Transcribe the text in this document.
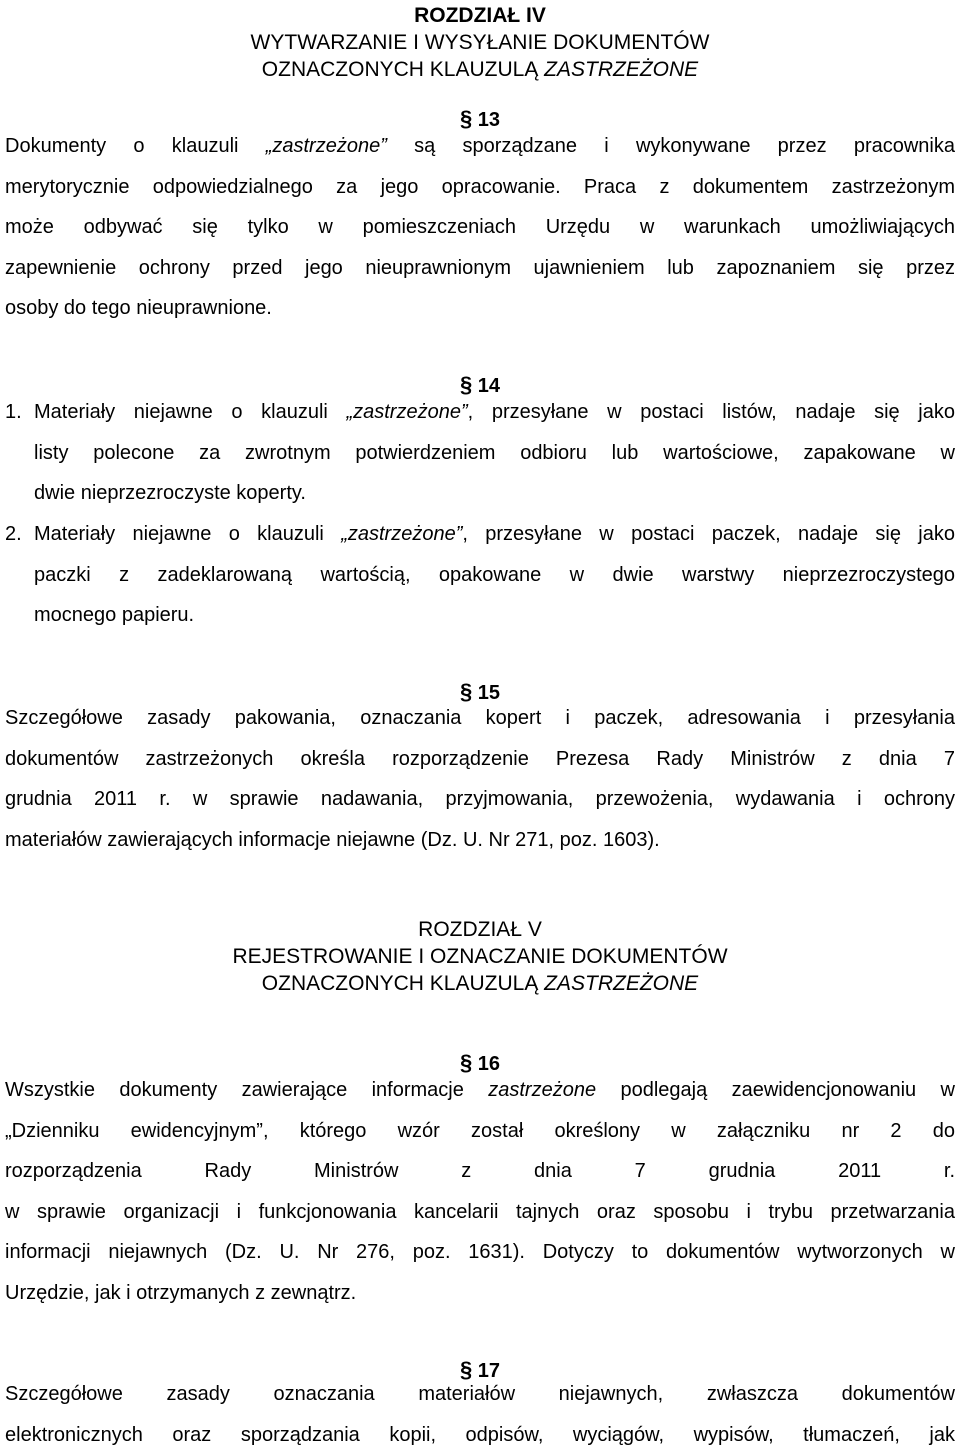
ROZDZIAŁ IV
WYTWARZANIE I WYSYŁANIE DOKUMENTÓW
OZNACZONYCH KLAUZULĄ ZASTRZEŻONE
§ 13
Dokumenty o klauzuli „zastrzeżone” są sporządzane i wykonywane przez pracownika
merytorycznie odpowiedzialnego za jego opracowanie. Praca z dokumentem zastrzeżonym
może odbywać się tylko w pomieszczeniach Urzędu w warunkach umożliwiających
zapewnienie ochrony przed jego nieuprawnionym ujawnieniem lub zapoznaniem się przez
osoby do tego nieuprawnione.
§ 14
1. Materiały niejawne o klauzuli „zastrzeżone”, przesyłane w postaci listów, nadaje się jako
listy polecone za zwrotnym potwierdzeniem odbioru lub wartościowe, zapakowane w
dwie nieprzezroczyste koperty.
2. Materiały niejawne o klauzuli „zastrzeżone”, przesyłane w postaci paczek, nadaje się jako
paczki z zadeklarowaną wartością, opakowane w dwie warstwy nieprzezroczystego
mocnego papieru.
§ 15
Szczegółowe zasady pakowania, oznaczania kopert i paczek, adresowania i przesyłania
dokumentów zastrzeżonych określa rozporządzenie Prezesa Rady Ministrów z dnia 7
grudnia 2011 r. w sprawie nadawania, przyjmowania, przewożenia, wydawania i ochrony
materiałów zawierających informacje niejawne (Dz. U. Nr 271, poz. 1603).
ROZDZIAŁ V
REJESTROWANIE I OZNACZANIE DOKUMENTÓW
OZNACZONYCH KLAUZULĄ ZASTRZEŻONE
§ 16
Wszystkie dokumenty zawierające informacje zastrzeżone podlegają zaewidencjonowaniu w
„Dzienniku ewidencyjnym”, którego wzór został określony w załączniku nr 2 do
rozporządzenia Rady Ministrów z dnia 7 grudnia 2011 r.
w sprawie organizacji i funkcjonowania kancelarii tajnych oraz sposobu i trybu przetwarzania
informacji niejawnych (Dz. U. Nr 276, poz. 1631). Dotyczy to dokumentów wytworzonych w
Urzędzie, jak i otrzymanych z zewnątrz.
§ 17
Szczegółowe zasady oznaczania materiałów niejawnych, zwłaszcza dokumentów
elektronicznych oraz sporządzania kopii, odpisów, wyciągów, wypisów, tłumaczeń, jak
